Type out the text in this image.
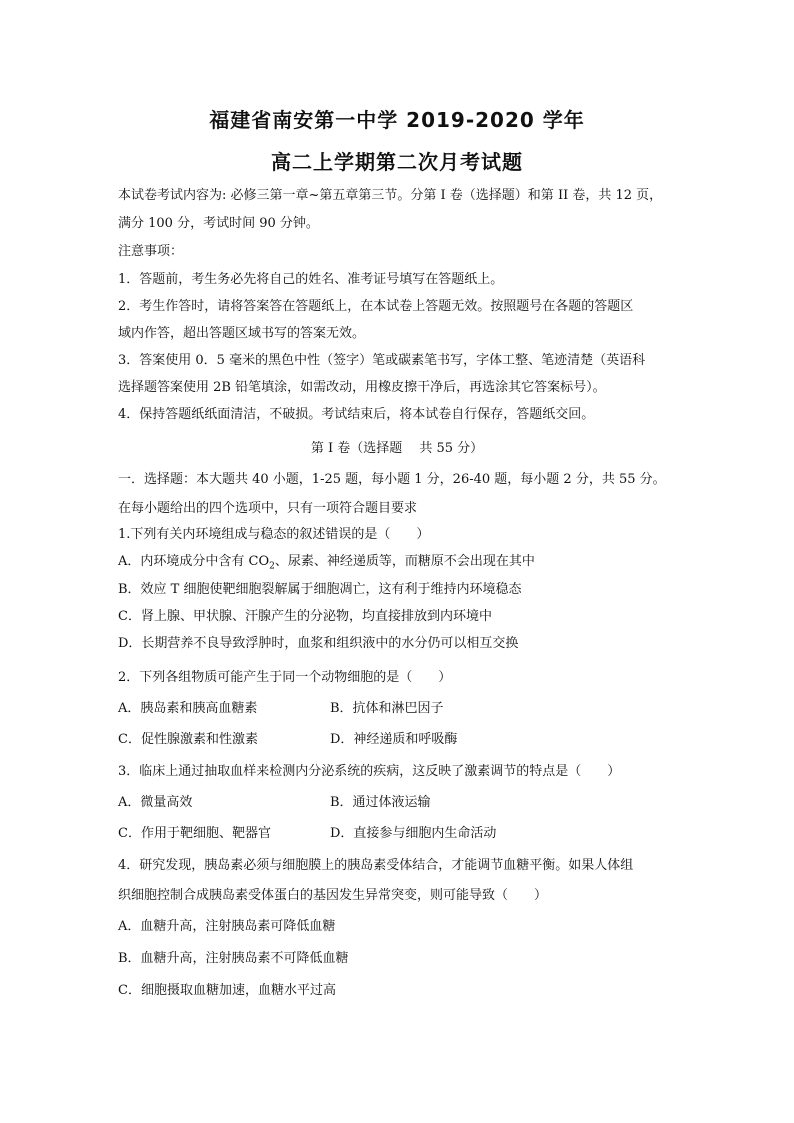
福建省南安第一中学 2019-2020 学年
高二上学期第二次月考试题
本试卷考试内容为: 必修三第一章~第五章第三节。分第 I 卷（选择题）和第 II 卷，共 12 页，
满分 100 分，考试时间 90 分钟。
注意事项：
1．答题前，考生务必先将自己的姓名、准考证号填写在答题纸上。
2．考生作答时，请将答案答在答题纸上，在本试卷上答题无效。按照题号在各题的答题区
域内作答，超出答题区域书写的答案无效。
3．答案使用 0．5 毫米的黑色中性（签字）笔或碳素笔书写，字体工整、笔迹清楚（英语科
选择题答案使用 2B 铅笔填涂，如需改动，用橡皮擦干净后，再选涂其它答案标号）。
4．保持答题纸纸面清洁，不破损。考试结束后，将本试卷自行保存，答题纸交回。
第 I 卷（选择题　 共 55 分）
一．选择题：本大题共 40 小题，1-25 题，每小题 1 分，26-40 题，每小题 2 分，共 55 分。
在每小题给出的四个选项中，只有一项符合题目要求
1.下列有关内环境组成与稳态的叙述错误的是（　　）
A．内环境成分中含有 $CO_2$、尿素、神经递质等，而糖原不会出现在其中
B．效应 T 细胞使靶细胞裂解属于细胞凋亡，这有利于维持内环境稳态
C．肾上腺、甲状腺、汗腺产生的分泌物，均直接排放到内环境中
D．长期营养不良导致浮肿时，血浆和组织液中的水分仍可以相互交换
2．下列各组物质可能产生于同一个动物细胞的是（　　）
A．胰岛素和胰高血糖素	B．抗体和淋巴因子
C．促性腺激素和性激素	D．神经递质和呼吸酶
3．临床上通过抽取血样来检测内分泌系统的疾病，这反映了激素调节的特点是（　　）
A．微量高效	B．通过体液运输
C．作用于靶细胞、靶器官	D．直接参与细胞内生命活动
4．研究发现，胰岛素必须与细胞膜上的胰岛素受体结合，才能调节血糖平衡。如果人体组
织细胞控制合成胰岛素受体蛋白的基因发生异常突变，则可能导致（　　）
A．血糖升高，注射胰岛素可降低血糖
B．血糖升高，注射胰岛素不可降低血糖
C．细胞摄取血糖加速，血糖水平过高
